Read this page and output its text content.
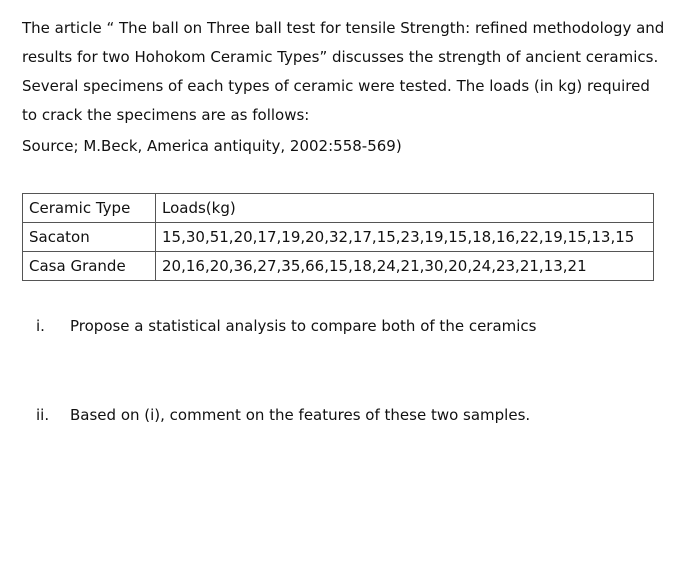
The article “ The ball on Three ball test for tensile Strength: refined methodology and

results for two Hohokom Ceramic Types” discusses the strength of ancient ceramics.

Several specimens of each types of ceramic were tested. The loads (in kg) required

to crack the specimens are as follows:

Source; M.Beck, America antiquity, 2002:558-569)
Ceramic Type	Loads(kg)
Sacaton	15,30,51,20,17,19,20,32,17,15,23,19,15,18,16,22,19,15,13,15
Casa Grande	20,16,20,36,27,35,66,15,18,24,21,30,20,24,23,21,13,21
i. Propose a statistical analysis to compare both of the ceramics
ii. Based on (i), comment on the features of these two samples.
